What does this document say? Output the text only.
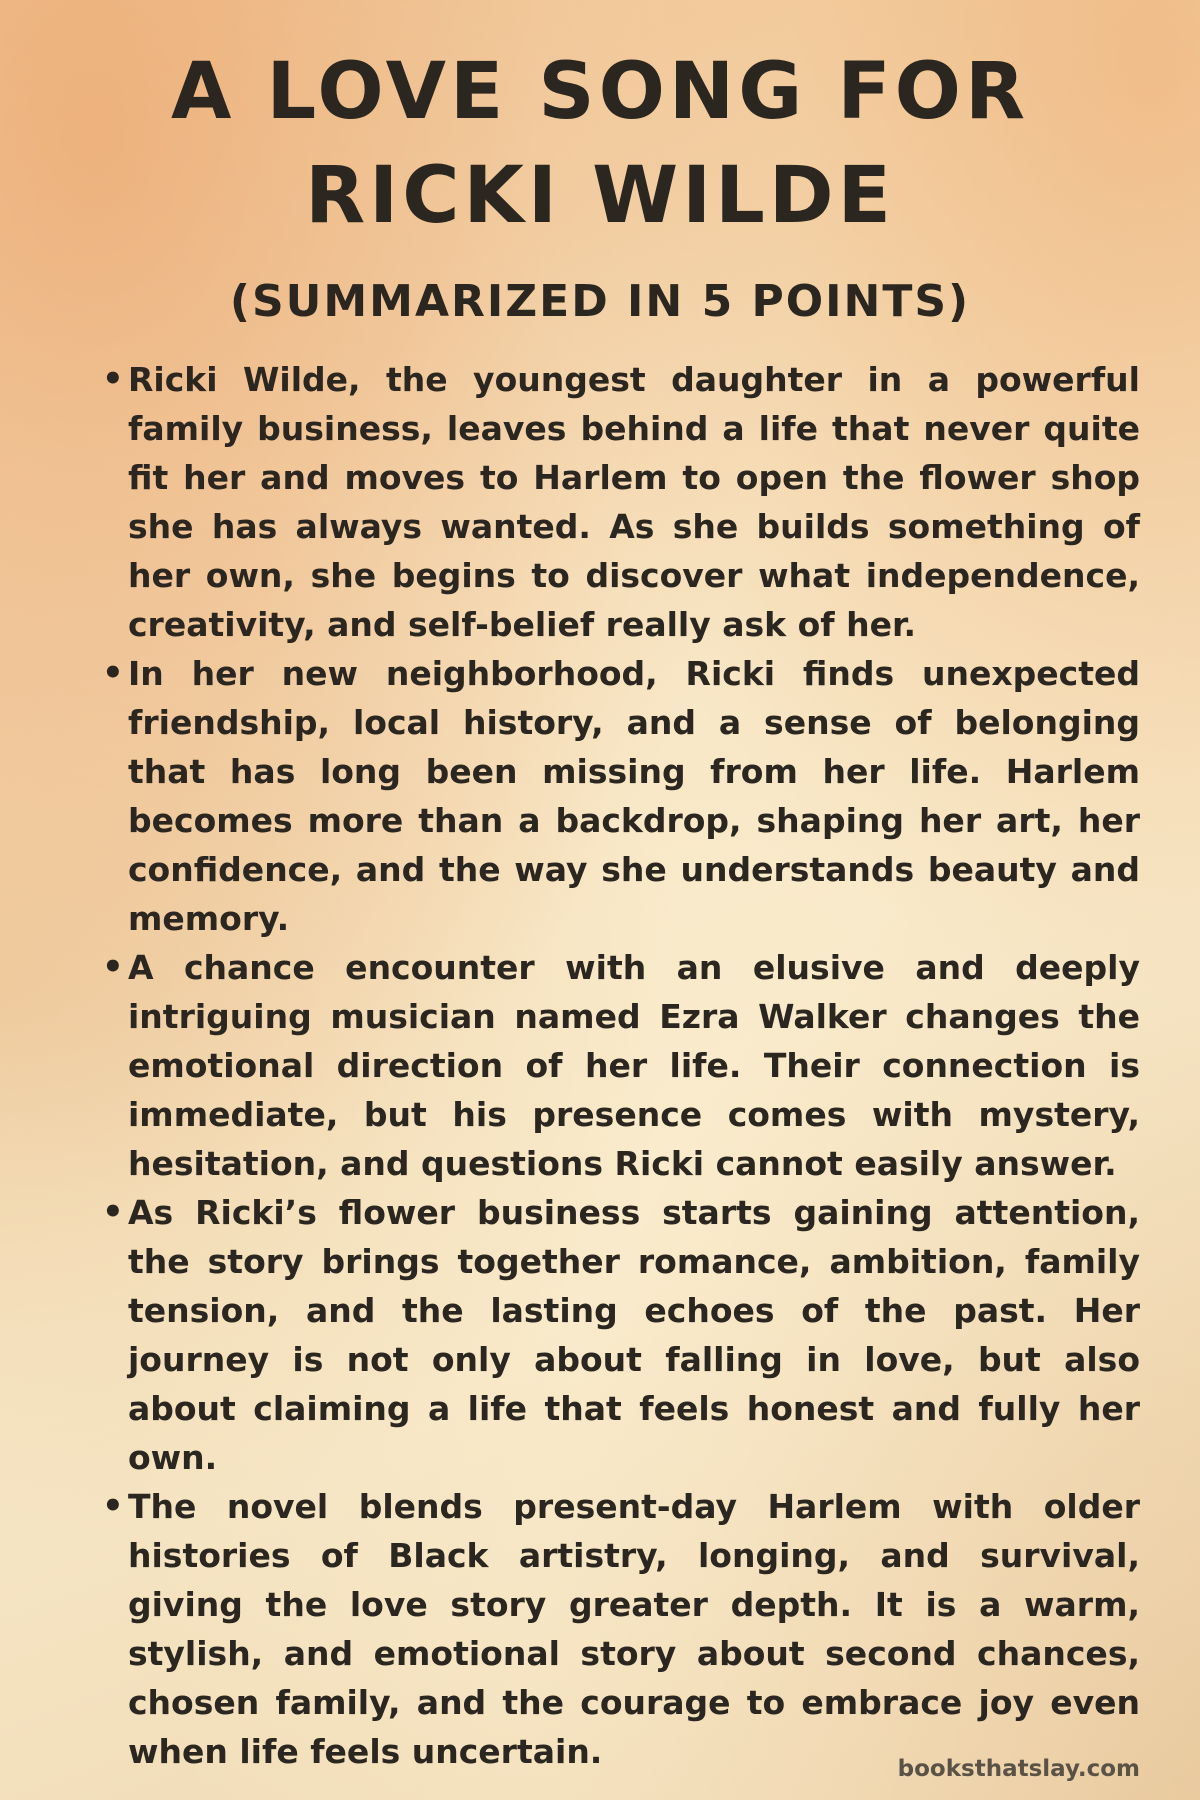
A LOVE SONG FOR
RICKI WILDE
(SUMMARIZED IN 5 POINTS)
• Ricki Wilde, the youngest daughter in a powerful family business, leaves behind a life that never quite fit her and moves to Harlem to open the flower shop she has always wanted. As she builds something of her own, she begins to discover what independence, creativity, and self-belief really ask of her.
• In her new neighborhood, Ricki finds unexpected friendship, local history, and a sense of belonging that has long been missing from her life. Harlem becomes more than a backdrop, shaping her art, her confidence, and the way she understands beauty and memory.
• A chance encounter with an elusive and deeply intriguing musician named Ezra Walker changes the emotional direction of her life. Their connection is immediate, but his presence comes with mystery, hesitation, and questions Ricki cannot easily answer.
• As Ricki’s flower business starts gaining attention, the story brings together romance, ambition, family tension, and the lasting echoes of the past. Her journey is not only about falling in love, but also about claiming a life that feels honest and fully her own.
• The novel blends present-day Harlem with older histories of Black artistry, longing, and survival, giving the love story greater depth. It is a warm, stylish, and emotional story about second chances, chosen family, and the courage to embrace joy even when life feels uncertain.	booksthatslay.com
